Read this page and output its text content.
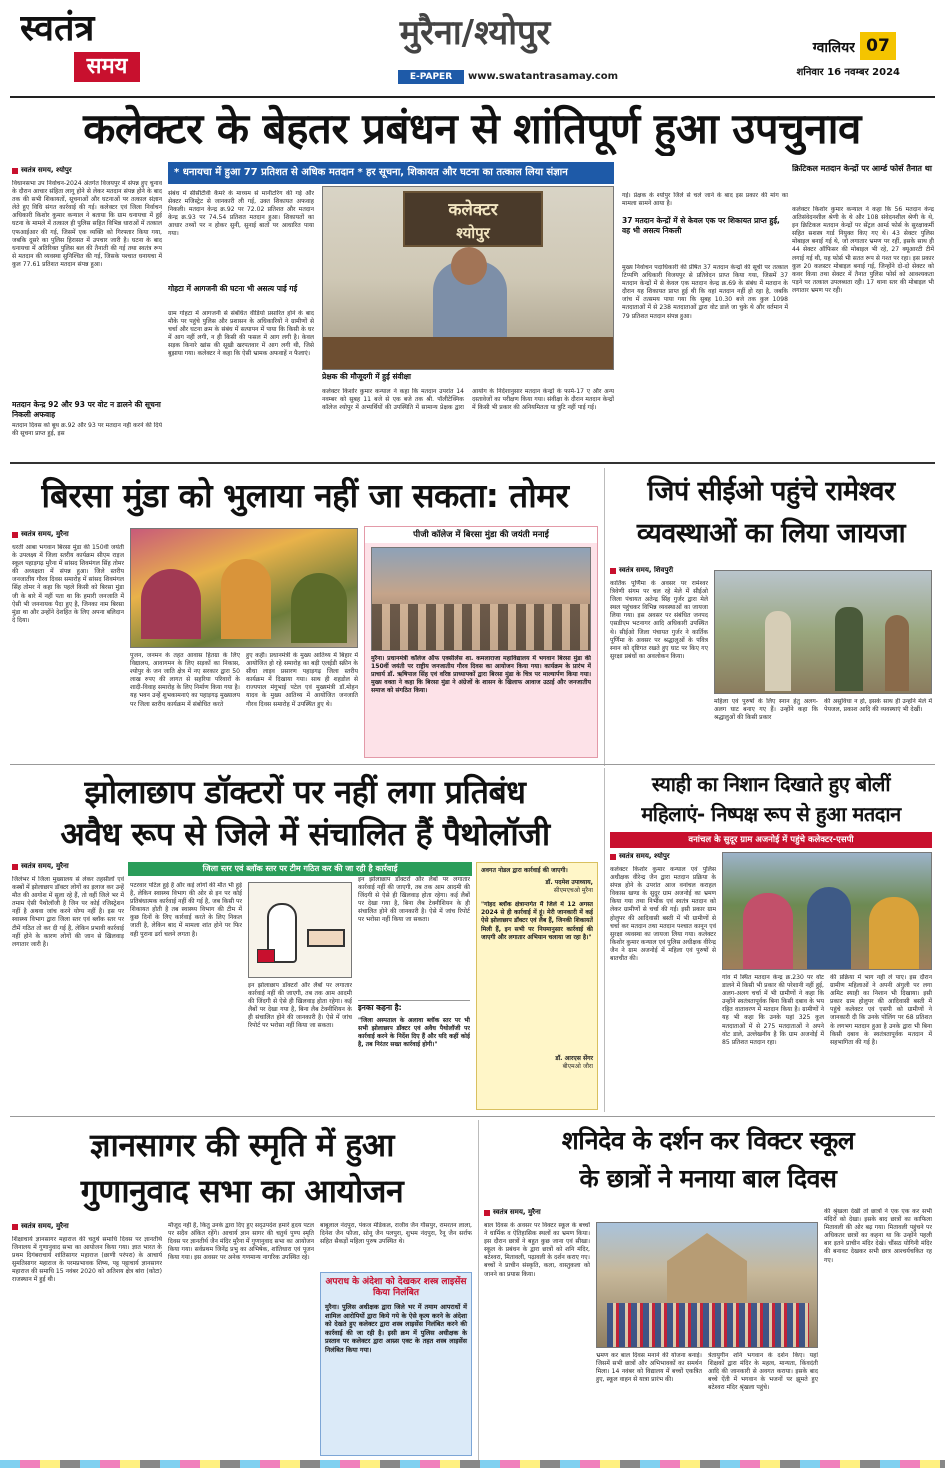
स्वतंत्र
समय
मुरैना/श्योपुर
E-PAPER	www.swatantrasamay.com
ग्वालियर 07
शनिवार 16 नवम्बर 2024
कलेक्टर के बेहतर प्रबंधन से शांतिपूर्ण हुआ उपचुनाव
* धनायचा में हुआ 77 प्रतिशत से अधिक मतदान * हर सूचना, शिकायत और घटना का तत्काल लिया संज्ञान
स्वतंत्र समय, श्योपुर

विधानसभा उप निर्वाचन-2024 अंतर्गत विजयपुर में संपन्न हुए चुनाव के दौरान आचार संहिता लागू होने से लेकर मतदान संपन्न होने के बाद तक की सभी शिकायतों, सूचनाओं और घटनाओं पर तत्काल संज्ञान लेते हुए विधि संगत कार्रवाई की गई। कलेक्टर एवं जिला निर्वाचन अधिकारी किशोर कुमार कन्याल ने बताया कि ग्राम धनायचा में हुई घटना के मामले में तत्काल ही पुलिस सहित विभिन्न धाराओं में तत्काल एफआईआर की गई, जिसमें एक व्यक्ति को गिरफ्तार किया गया, जबकि दूसरे का पुलिस हिरासत में उपचार जारी है। घटना के बाद धनायचा में अतिरिक्त पुलिस बल की तैनाती की गई तथा स्वतंत्र रूप से मतदान की व्यवस्था सुनिश्चित की गई, जिसके पश्चात धनायचा में कुल 77.61 प्रतिशत मतदान संपन्न हुआ।

मतदान केन्द्र 92 और 93 पर वोट न डालने की सूचना निकली अफवाह
मतदान दिवस को बूथ क्र.92 और 93 पर मतदान नहीं करने की दिये की सूचना प्राप्त हुई, इस
संबंध में सीसीटीवी कैमरे के माध्यम से मानीटरिंग की गई और सेक्टर मजिस्ट्रेट से जानकारी ली गई, उक्त शिकायत अफवाह निकली। मतदान केन्द्र क्र.92 पर 72.02 प्रतिशत और मतदान केन्द्र क्र.93 पर 74.54 प्रतिशत मतदान हुआ। शिकायतों का आधार तथ्यों पर न होकर सुनी, सुनाई बातों पर आधारित पाया गया।
गोहटा में आगजनी की घटना भी असत्य पाई गई
ग्राम गोहटा में आगजनी से संबंधित वीडियो प्रसारित होने के बाद मौके पर पहुंचे पुलिस और प्रशासन के अधिकारियों ने ग्रामीणों से चर्चा और घटना क्रम के संबंध में सत्यापन में पाया कि किसी के घर में आग नहीं लगी, न ही किसी की फसल में आग लगी है। केवल सड़क किनारे खांस की सूखी खरपतवार में आग लगी थी, जिसे बुझाया गया। कलेक्टर ने कहा कि ऐसी भ्रामक अफवाहें न फैलाएं।
कलेक्टर
श्योपुर
प्रेक्षक की मौजूदगी में हुई संवीक्षा
कलेक्टर किशोर कुमार कन्याल ने कहा कि मतदान उपरांत 14 नवम्बर को सुबह 11 बजे से एक बजे तक श्री. पॉलीटेक्निक कॉलेज श्योपुर में अभ्यर्थियों की उपस्थिति में सामान्य प्रेक्षक द्वारा आयोग के निर्देशानुसार मतदान केन्द्रों के फार्म-17 ए और अन्य दस्तावेजों का परीक्षण किया गया। संवीक्षा के दौरान मतदान केन्द्रों में किसी भी प्रकार की अनियमितता या त्रुटि नहीं पाई गई।
गई। प्रेक्षक के श्योपुर जिले से चले जाने के बाद इस प्रकार की मांग का मामला सामने आया है।
37 मतदान केन्द्रों में से केवल एक पर शिकायत प्राप्त हुई, वह भी असत्य निकली
मुख्य निर्वाचन पदाधिकारी की प्रेषित 37 मतदान केन्द्रों की सूची पर तत्काल टिप्पणि अधिकारी विजयपुर से प्रतिवेदन प्राप्त किया गया, जिसमें 37 मतदान केन्द्रों में से केवल एक मतदान केन्द्र क्र.69 के संबंध में मतदान के दौरान यह शिकायत प्राप्त हुई थी कि वहां मतदान नहीं हो रहा है, जबकि जांच में तत्समय पाया गया कि सुबह 10.30 बजे तक कुल 1098 मतदाताओं में से 238 मतदाताओं द्वारा वोट डाले जा चुके थे और वर्तमान में 79 प्रतिशत मतदान संपन्न हुआ।
क्रिटिकल मतदान केन्द्रों पर आर्म्ड फोर्स तैनात था
कलेक्टर किशोर कुमार कन्याल ने कहा कि 56 मतदान केन्द्र अतिसंवेदनशील श्रेणी के थे और 108 संवेदनशील श्रेणी के थे, इन क्रिटिकल मतदान केन्द्रों पर सेंट्रल आर्म्ड फोर्स के सुरक्षाकर्मी सहित सशस्त्र गार्ड नियुक्त किए गए थे। 43 सेक्टर पुलिस मोबाइल बनाई गई थे, जो लगातार भ्रमण पर रहीं, इसके साथ ही 44 सेक्टर ऑफिसर की मोबाइल भी रहे, 27 क्यूआरटी टीमें लगाई गई थी, यह फोर्स भी सतत रूप से गश्त पर रहा। इस प्रकार कुल 20 कलस्टर मोबाइल बनाई गई, जिन्होंने दो-दो सेक्टर को कवर किया तथा सेक्टर में तैनात पुलिस फोर्स को आवश्यकता पड़ने पर तत्काल उपलब्धता रही। 17 थाना स्तर की मोबाइल भी लगातार भ्रमण पर रही।
बिरसा मुंडा को भुलाया नहीं जा सकता: तोमर
स्वतंत्र समय, मुरैना
धरती आबा भगवान बिरसा मुंडा की 150वीं जयंती के उपलक्ष्य में जिला स्तरीय कार्यक्रम सीएम राइज स्कूल पहाड़गढ़ मुरैना में सांसद शिवमंगल सिंह तोमर की अध्यक्षता में संपन्न हुआ। जिले स्तरीय जनजातीय गौरव दिवस समारोह में सांसद शिवमंगल सिंह तोमर ने कहा कि पहले किसी को बिरसा मुंडा जी के बारे में नहीं पता था कि हमारी जनजाति में ऐसी भी जननायक पैदा हुए है, जिनका नाम बिरसा मुंडा था और उन्होंने देशहित के लिए अपना बलिदान दे दिया।
पूजन, जनमन के तहत आवास हितग्रा के लिए विद्यालय, आवागमन के लिए सड़कों का निकास, श्योपुर के जन जाति क्षेत्र में नए सरकार द्वारा 50 लाख रुपए की लागत से सहरिया परिवारों के शादी-विवाह समारोह के लिए निर्माण किया गया है। यह भवन उन्हें शुभकामनाएं का पहाड़गढ़ मुख्यालय पर जिला स्तरीय कार्यक्रम में संबोधित करते
हुए कही। प्रधानमंत्री के मुख्य आतिथ्य में बिहार में आयोजित हो रहे समारोह का बड़ी एलईडी स्क्रीन के सीधा लाइव प्रसारण पहाड़गढ़ जिला स्तरीय कार्यक्रम में दिखाया गया। साथ ही शहडोल से राज्यपाल मंगूभाई पटेल एवं मुख्यमंत्री डॉ.मोहन यादव के मुख्य आतिथ्य में आयोजित जनजाति गौरव दिवस समारोह में उपस्थित हुए थे।
पीजी कॉलेज में बिरसा मुंडा की जयंती मनाई
मुरैना। प्रधानमंत्री कॉलेज ऑफ एक्सीलेंस शा. कमलाराजा महाविद्यालय में भगवान बिरसा मुंडा की 150वीं जयंती पर राष्ट्रीय जनजातीय गौरव दिवस का आयोजन किया गया। कार्यक्रम के प्रारंभ में प्राचार्य डॉ. ऋषिपाल सिंह एवं वरिष्ठ प्राध्यापकों द्वारा बिरसा मुंडा के चित्र पर माल्यार्पण किया गया। मुख्य वक्ता ने कहा कि बिरसा मुंडा ने अंग्रेजों के शासन के खिलाफ आवाज उठाई और जनजातीय समाज को संगठित किया।
जिपं सीईओ पहुंचे रामेश्वर
व्यवस्थाओं का लिया जायजा
स्वतंत्र समय, शिवपुरी
कार्तिक पूर्णिमा के अवसर पर रामेश्वर त्रिवेणी संगम पर चल रहे मेले में सीईओ जिला पंचायत अतेन्द्र सिंह गुर्जर द्वारा मेले स्थल पहुंचकर विभिन्न व्यवस्थाओं का जायजा लिया गया। इस अवसर पर संबंधित जनपद एसडीएम भटनागर आदि अधिकारी उपस्थित थे। सीईओ जिला पंचायत गुर्जर ने कार्तिक पूर्णिमा के अवसर पर श्रद्धालुओं के पवित्र स्नान को दृष्टिगत रखते हुए घाट पर किए गए सुरक्षा प्रबंधों का अवलोकन किया।
महिला एवं पुरुषों के लिए स्नान हेतु अलग-अलग घाट बनाए गए हैं। उन्होंने कहा कि श्रद्धालुओं की किसी प्रकार
की असुविधा न हो, इसके साथ ही उन्होंने मेले में पेयजल, प्रकाश आदि की व्यवस्थाएं भी देखीं।
झोलाछाप डॉक्टरों पर नहीं लगा प्रतिबंध
अवैध रूप से जिले में संचालित हैं पैथोलॉजी
स्वतंत्र समय, मुरैना	जिला स्तर एवं ब्लॉक स्तर पर टीम गठित कर की जा रही है कार्रवाई
जिलेभर में जिला मुख्यालय से लेकर तहसीलों एवं कस्बों में झोलाछाप डॉक्टर लोगों का इलाज कर उन्हें मौत की आगोश में सुला रहे हैं, तो वहीं जिले भर में तमाम ऐसी पैथोलॉजी है जिन पर कोई रजिस्ट्रेशन नहीं है अथवा जांच करने योग्य नहीं है। इस पर स्वास्थ्य विभाग द्वारा जिला स्तर एवं ब्लॉक स्तर पर टीमें गठित तो कर दी गई है, लेकिन प्रभावी कार्रवाई नहीं होने के कारण लोगों की जान से खिलवाड़ लगातार जारी है।
पटरवार पटिल हुई है और कई लोगों की मौत भी हुई है, लेकिन स्वास्थ्य विभाग की ओर से इन पर कोई प्रतिबंधात्मक कार्रवाई नहीं की गई है, जब किसी पर शिकायत होती है तब स्वास्थ्य विभाग की टीम में कुछ दिनों के लिए कार्रवाई करते के लिए निकल जाती है, लेकिन बाद में मामला शांत होने पर फिर वही पुराना ढर्रा चलने लगता है।
इन झोलाछाप डॉक्टरों और लैबों पर लगातार कार्रवाई नहीं की जाएगी, तब तक आम आदमी की जिंदगी से ऐसे ही खिलवाड़ होता रहेगा। कई लैबों पर देखा गया है, बिना लैब टेक्नीशियन के ही संचालित होने की जानकारी है। ऐसे में जांच रिपोर्ट पर भरोसा नहीं किया जा सकता।

इन झोलाछाप डॉक्टरों और लैबों पर लगातार कार्रवाई नहीं की जाएगी, तब तक आम आदमी की जिंदगी से ऐसे ही खिलवाड़ होता रहेगा। कई लैबों पर देखा गया है, बिना लैब टेक्नीशियन के ही संचालित होने की जानकारी है। ऐसे में जांच रिपोर्ट पर भरोसा नहीं किया जा सकता।

इनका कहना है:
"जिला अस्पताल के अलावा ब्लॉक स्तर पर भी सभी झोलाछाप डॉक्टर एवं अवैध पैथोलॉजी पर कार्रवाई करने के निर्देश दिए हैं और यदि कहीं कोई है, तब निरंतर सख्त कार्रवाई होगी।"
अवगत नोडल द्वारा कार्रवाई की जाएगी।
डॉ. पदमेश उपाध्याय,
सीएमएचओ मुरैना
"गोहद ब्लॉक क्षेत्रान्तर्गत मैं जिले में 12 अगस्त 2024 से ही कार्रवाई में हूं। मेरी जानकारी में कई ऐसे झोलाछाप डॉक्टर एवं लैब हैं, जिनकी शिकायतें मिली हैं, इन सभी पर नियमानुसार कार्रवाई की जाएगी और लगातार अभियान चलाया जा रहा है।"
डॉ. आरएस सेंगर
बीएमओ जौरा
स्याही का निशान दिखाते हुए बोलीं
महिलाएं- निष्पक्ष रूप से हुआ मतदान
वनांचल के सुदूर ग्राम अजनोई में पहुंचे कलेक्टर-एसपी
स्वतंत्र समय, श्योपुर
कलेक्टर किशोर कुमार कन्याल एवं पुलिस अधीक्षक वीरेन्द्र जैन द्वारा मतदान प्रक्रिया के संपन्न होने के उपरांत आज वनांचल कराहल विकास खण्ड के सुदूर ग्राम अजनोई का भ्रमण किया गया तथा निर्भीक एवं स्वतंत्र मतदान को लेकर ग्रामीणों से चर्चा की गई। इसी प्रकार ग्राम होलुपर की आदिवासी बस्ती में भी ग्रामीणों से चर्चा कर मतदान तथा मतदान पश्चात कानून एवं सुरक्षा व्यवस्था का जायजा लिया गया। कलेक्टर किशोर कुमार कन्याल एवं पुलिस अधीक्षक वीरेन्द्र जैन ने ग्राम अजनोई में महिला एवं पुरुषों से बातचीत की।
गांव में स्थित मतदान केन्द्र क्र.230 पर वोट डालने में किसी भी प्रकार की परेशानी नहीं हुई, अलग-अलग चर्चा में भी ग्रामीणों ने कहा कि उन्होंने स्वतंत्रतापूर्वक बिना किसी दबाव के भय रहित वातावरण में मतदान किया है। ग्रामीणों ने यह भी कहा कि उनके यहां 325 कुल मतदाताओं में से 275 मतदाताओं ने अपने वोट डाले, उल्लेखनीय है कि ग्राम अजनोई में 85 प्रतिशत मतदान रहा।
की प्रक्रिया में भाग नहीं ले पाए। इस दौरान ग्रामीण महिलाओं ने अपनी अंगुली पर लगा अमिट स्याही का निशान भी दिखाया। इसी प्रकार ग्राम होलुपर की आदिवासी बस्ती में पहुंचे कलेक्टर एवं एसपी को ग्रामीणों ने जानकारी दी कि उनके पोलिंग पर 68 प्रतिशत के लगभग मतदान हुआ है उनके द्वारा भी बिना किसी दबाव के स्वतंत्रतापूर्वक मतदान में सहभागिता की गई है।
ज्ञानसागर की स्मृति में हुआ
गुणानुवाद सभा का आयोजन
स्वतंत्र समय, मुरैना
शिक्षाचार्य ज्ञानसागर महाराज की चतुर्थ समाधि दिवस पर ज्ञानतीर्थ जिनालय में गुणानुवाद सभा का आयोजन किया गया। ज्ञात भारत के प्रथम दिगंबराचार्य शांतिसागर महाराज (छाणी परंपरा) के आचार्य सुमतिसागर महाराज के परमप्रभावक शिष्य, पट्ट पट्टाचार्य ज्ञानसागर महाराज की समाधि 15 नवंबर 2020 को अतिशय क्षेत्र बांरा (कोटा) राजस्थान में हुई थी।
मौजूद नहीं है, किंतु उनके द्वारा दिए हुए सद्उपदेश हमारे हृदय पटल पर सदैव अंकित रहेंगे। आचार्य ज्ञान सागर की चतुर्थ पुण्य स्मृति दिवस पर ज्ञानतीर्थ जैन मंदिर मुरैना में गुणानुवाद सभा का आयोजन किया गया। सर्वप्रथम जिनेंद्र प्रभु का अभिषेक, शांतिधारा एवं पूजन किया गया। इस अवसर पर अनेक गणमान्य नागरिक उपस्थित रहे।
बाबूलाल नंदपुरा, पंकज मेडिकल, राजीव जैन गौसपुर, रामरतन लाला, दिनेश जैन फौजा, सोनू जैन पलपुरा, शुभम नंदपुरा, रैनू जैन सर्राफ सहित सैकड़ों महिला पुरुष उपस्थित थे।
अपराध के अंदेशा को देखकर शस्त्र लाइसेंस किया निलंबित
मुरैना। पुलिस अधीक्षक द्वारा जिले भर में तमाम आपराधों में शामिल आरोपियों द्वारा किये गये के ऐसे कृत्य करने के अंदेशा को देखते हुए कलेक्टर द्वारा शस्त्र लाइसेंस निलंबित करने की कार्रवाई की जा रही है। इसी क्रम में पुलिस अधीक्षक के प्रस्ताव पर कलेक्टर द्वारा आम्र्स एक्ट के तहत शस्त्र लाइसेंस निलंबित किया गया।
शनिदेव के दर्शन कर विक्टर स्कूल
के छात्रों ने मनाया बाल दिवस
स्वतंत्र समय, मुरैना
बाल दिवस के अवसर पर विक्टर स्कूल के बच्चों ने धार्मिक व ऐतिहासिक स्थलों का भ्रमण किया। इस दौरान छात्रों ने बहुत कुछ जाना एवं सीखा। स्कूल के प्रबंधन के द्वारा छात्रों को शनि मंदिर, बटेश्वरा, मितावली, पढ़ावली के दर्शन कराए गए। बच्चों ने प्राचीन संस्कृति, कला, वास्तुकला को जानने का प्रयास किया।
भ्रमण कर बाल दिवस मनाने की योजना बनाई। जिसमें सभी छात्रों और अभिभावकों का समर्थन मिला। 14 नवंबर को विद्यालय में बच्चों एकत्रित हुए, स्कूल वाहन से यात्रा प्रारंभ की।
त्रेतायुगीन शनि भगवान के दर्शन किए। यहां शिक्षकों द्वारा मंदिर के महत्व, मान्यता, किंवदंती आदि की जानकारी से अवगत कराया। इसके बाद बच्चे ऐंती में भगवान के भजनों पर झूमते हुए बटेश्वरा मंदिर श्रृंखला पहुंचे।
की श्रृंखला देखी तो छात्रों ने एक एक कर सभी मंदिरों को देखा। इसके बाद छात्रों का काफिला मितावली की ओर बढ़ गया। मितावली पहुंचने पर अधिकतर छात्रों का कहना था कि उन्होंने पहली बार इतने प्राचीन मंदिर देखे। चौंसठ योगिनी मंदिर की बनावट देखकर सभी छात्र आश्चर्यचकित रह गए।
